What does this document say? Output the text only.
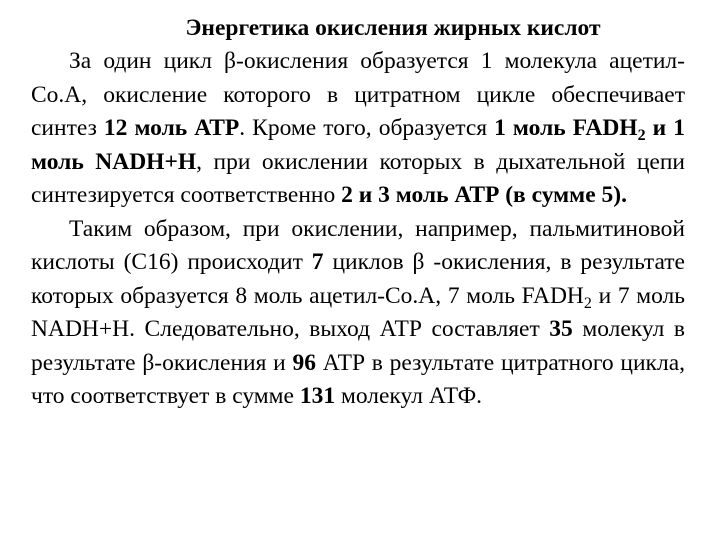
Энергетика окисления жирных кислот

За один цикл β-окисления образуется 1 молекула ацетил-Со.А, окисление которого в цитратном цикле обеспечивает синтез 12 моль АТР. Кроме того, образуется 1 моль $FADH_2$ и 1 моль NADH+H, при окислении которых в дыхательной цепи синтезируется соответственно 2 и 3 моль АТР (в сумме 5).

Таким образом, при окислении, например, пальмитиновой кислоты (С16) происходит 7 циклов β -окисления, в результате которых образуется 8 моль ацетил-Со.А, 7 моль $FADH_2$ и 7 моль NADH+H. Следовательно, выход АТР составляет 35 молекул в результате β-окисления и 96 АТР в результате цитратного цикла, что соответствует в сумме 131 молекул АТФ.
